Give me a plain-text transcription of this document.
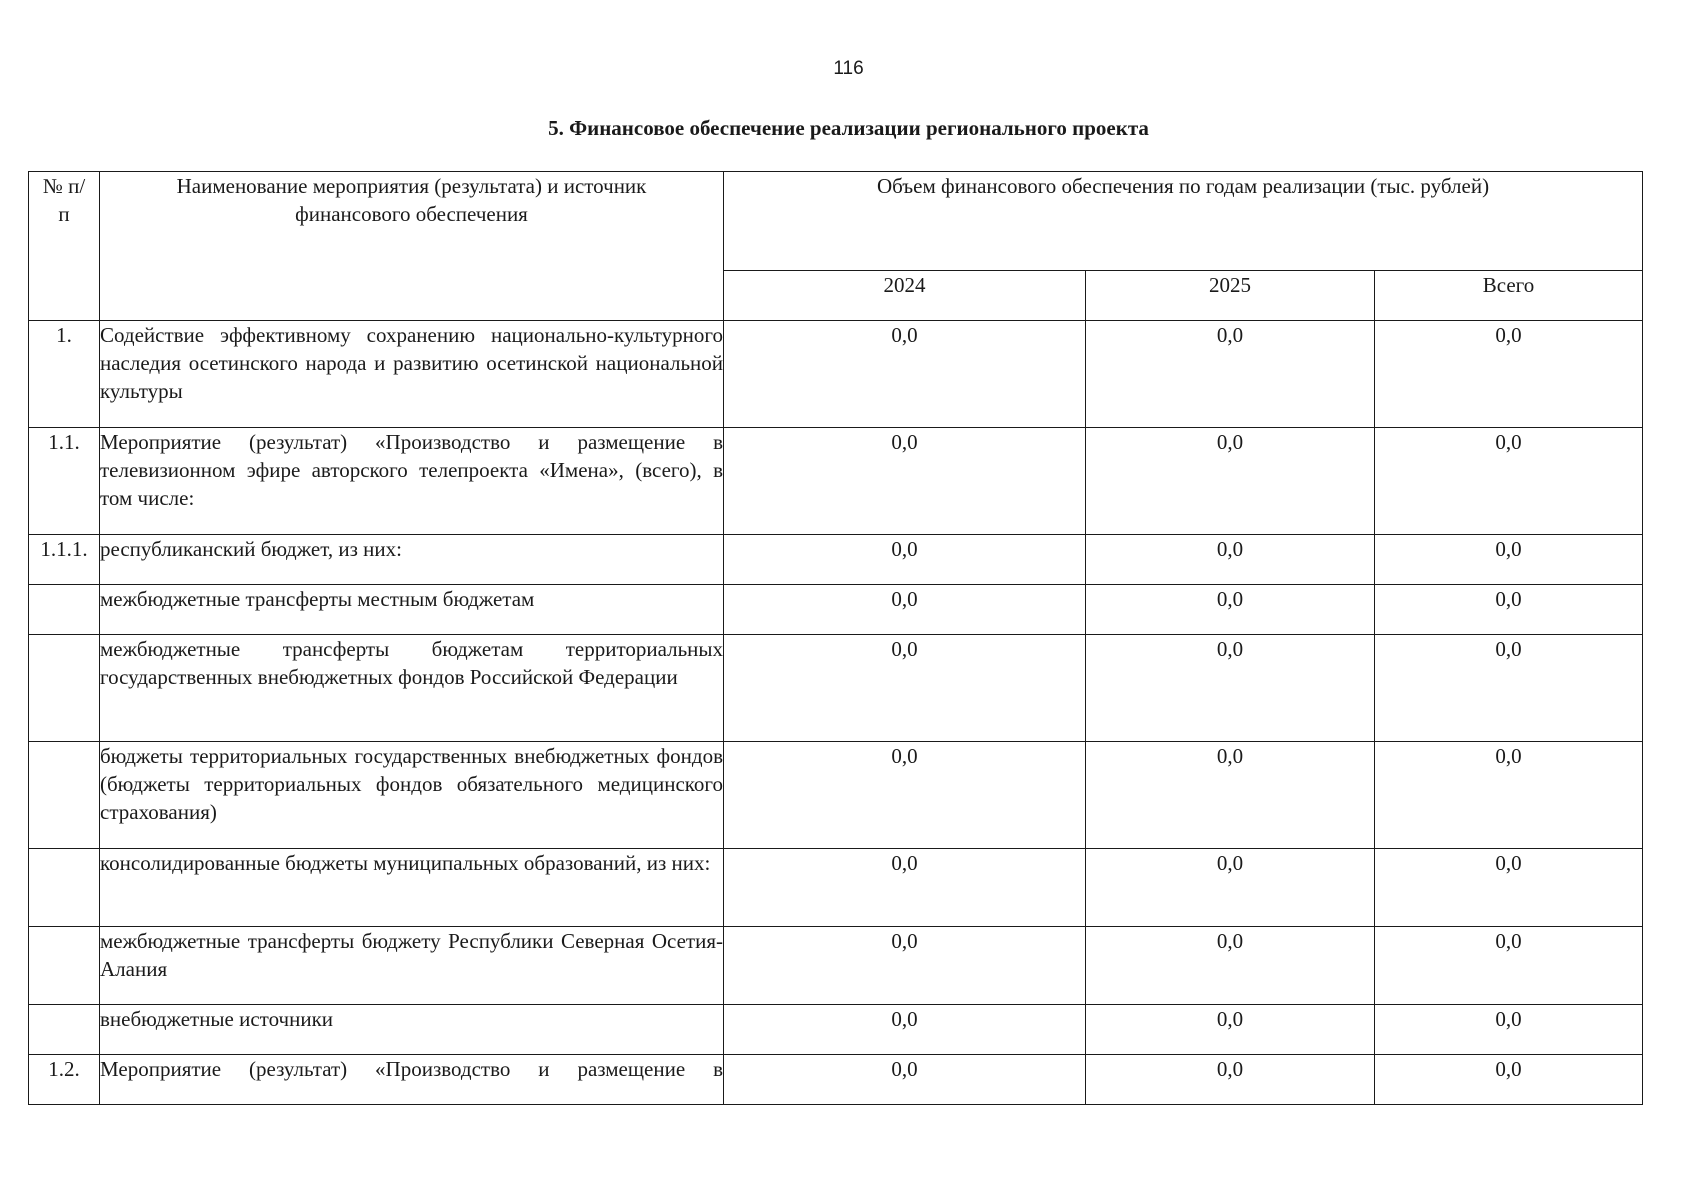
116
5. Финансовое обеспечение реализации регионального проекта
№ п/п	Наименование мероприятия (результата) и источник финансового обеспечения	Объем финансового обеспечения по годам реализации (тыс. рублей)		

		2024	2025	Всего
1.	Содействие эффективному сохранению национально-культурного наследия осетинского народа и развитию осетинской национальной культуры	0,0	0,0	0,0
1.1.	Мероприятие (результат) «Производство и размещение в телевизионном эфире авторского телепроекта «Имена», (всего), в том числе:	0,0	0,0	0,0
1.1.1.	республиканский бюджет, из них:	0,0	0,0	0,0

	межбюджетные трансферты местным бюджетам	0,0	0,0	0,0

	межбюджетные трансферты бюджетам территориальных государственных внебюджетных фондов Российской Федерации	0,0	0,0	0,0

	бюджеты территориальных государственных внебюджетных фондов (бюджеты территориальных фондов обязательного медицинского страхования)	0,0	0,0	0,0

	консолидированные бюджеты муниципальных образований, из них:	0,0	0,0	0,0

	межбюджетные трансферты бюджету Республики Северная Осетия-Алания	0,0	0,0	0,0

	внебюджетные источники	0,0	0,0	0,0
1.2.	Мероприятие (результат) «Производство и размещение в	0,0	0,0	0,0
